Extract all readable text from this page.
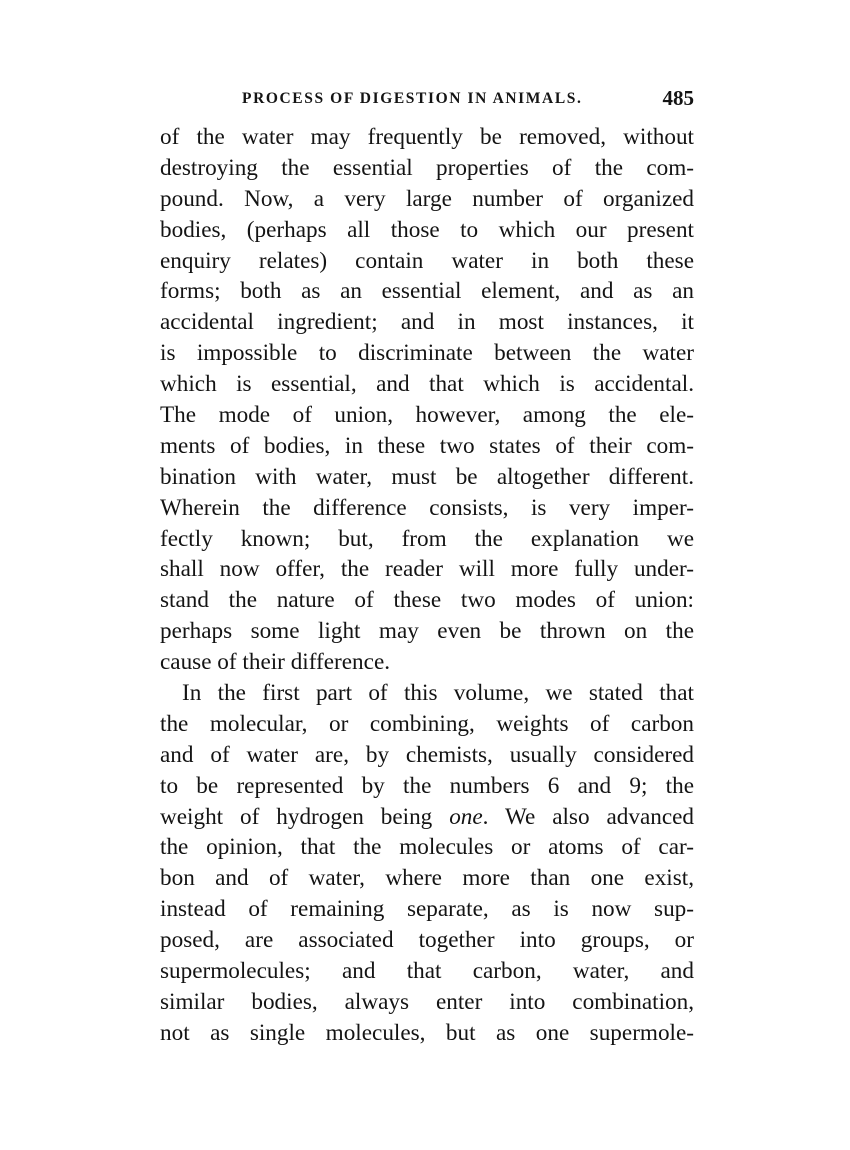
PROCESS OF DIGESTION IN ANIMALS.	485
of the water may frequently be removed, without
destroying the essential properties of the com-
pound. Now, a very large number of organized
bodies, (perhaps all those to which our present
enquiry relates) contain water in both these
forms; both as an essential element, and as an
accidental ingredient; and in most instances, it
is impossible to discriminate between the water
which is essential, and that which is accidental.
The mode of union, however, among the ele-
ments of bodies, in these two states of their com-
bination with water, must be altogether different.
Wherein the difference consists, is very imper-
fectly known; but, from the explanation we
shall now offer, the reader will more fully under-
stand the nature of these two modes of union:
perhaps some light may even be thrown on the
cause of their difference.
In the first part of this volume, we stated that
the molecular, or combining, weights of carbon
and of water are, by chemists, usually considered
to be represented by the numbers 6 and 9; the
weight of hydrogen being one. We also advanced
the opinion, that the molecules or atoms of car-
bon and of water, where more than one exist,
instead of remaining separate, as is now sup-
posed, are associated together into groups, or
supermolecules; and that carbon, water, and
similar bodies, always enter into combination,
not as single molecules, but as one supermole-
